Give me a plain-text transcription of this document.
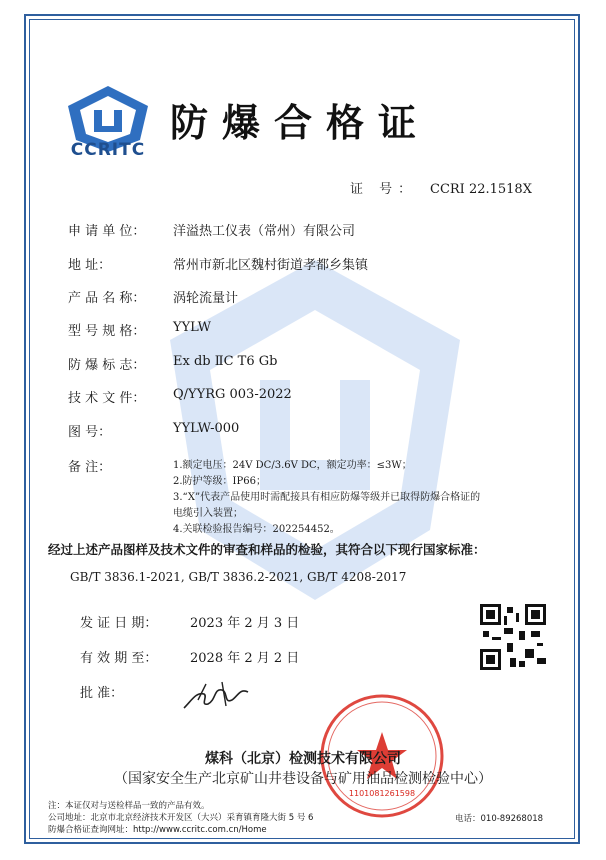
CCRITC
防爆合格证
证 号： CCRI 22.1518X
申 请 单 位：	洋溢热工仪表（常州）有限公司
地 址：	常州市新北区魏村街道孝都乡集镇
产 品 名 称：	涡轮流量计
型 号 规 格：	YYLW
防 爆 标 志：	Ex db ⅡC T6 Gb
技 术 文 件：	Q/YYRG 003-2022
图 号：	YYLW-000
备 注：	1.额定电压：24V DC/3.6V DC，额定功率：≤3W；
2.防护等级：IP66；
3.“X”代表产品使用时需配接具有相应防爆等级并已取得防爆合格证的
电缆引入装置；
4.关联检验报告编号：202254452。
经过上述产品图样及技术文件的审查和样品的检验，其符合以下现行国家标准：
GB/T 3836.1-2021, GB/T 3836.2-2021, GB/T 4208-2017
发 证 日 期：	2023 年 2 月 3 日
有 效 期 至：	2028 年 2 月 2 日
批 准：
1101081261598
煤科（北京）检测技术有限公司
（国家安全生产北京矿山井巷设备与矿用油品检测检验中心）
注：本证仅对与送检样品一致的产品有效。
公司地址：北京市北京经济技术开发区（大兴）采育镇育隆大街 5 号 6
防爆合格证查询网址：http://www.ccritc.com.cn/Home
电话：010-89268018
